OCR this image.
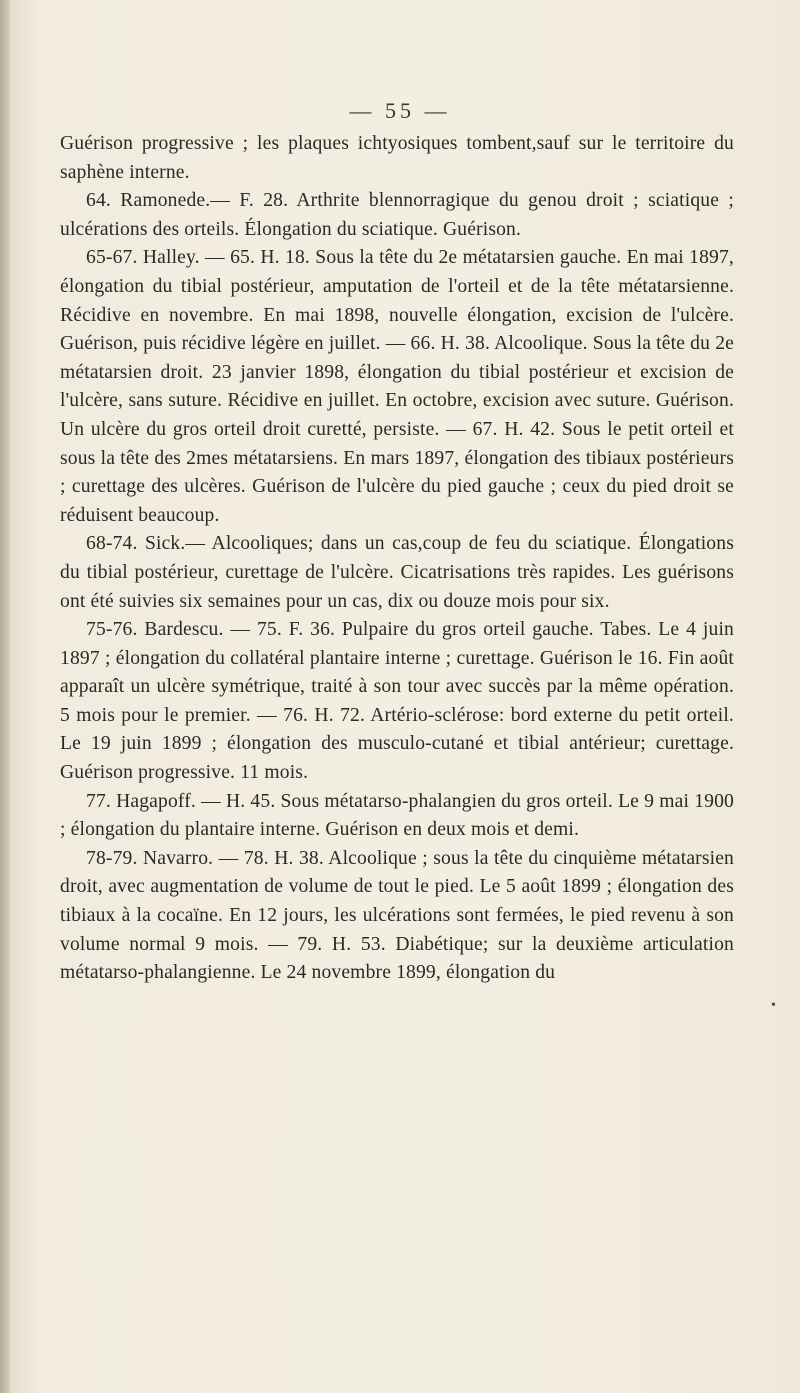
— 55 —

Guérison progressive ; les plaques ichtyosiques tombent,sauf sur le territoire du saphène interne.

64. Ramonede.— F. 28. Arthrite blennorragique du genou droit ; sciatique ; ulcérations des orteils. Élongation du sciatique. Guérison.

65-67. Halley. — 65. H. 18. Sous la tête du 2e métatarsien gauche. En mai 1897, élongation du tibial postérieur, amputation de l'orteil et de la tête métatarsienne. Récidive en novembre. En mai 1898, nouvelle élongation, excision de l'ulcère. Guérison, puis récidive légère en juillet. — 66. H. 38. Alcoolique. Sous la tête du 2e métatarsien droit. 23 janvier 1898, élongation du tibial postérieur et excision de l'ulcère, sans suture. Récidive en juillet. En octobre, excision avec suture. Guérison. Un ulcère du gros orteil droit curetté, persiste. — 67. H. 42. Sous le petit orteil et sous la tête des 2mes métatarsiens. En mars 1897, élongation des tibiaux postérieurs ; curettage des ulcères. Guérison de l'ulcère du pied gauche ; ceux du pied droit se réduisent beaucoup.

68-74. Sick.— Alcooliques; dans un cas,coup de feu du sciatique. Élongations du tibial postérieur, curettage de l'ulcère. Cicatrisations très rapides. Les guérisons ont été suivies six semaines pour un cas, dix ou douze mois pour six.

75-76. Bardescu. — 75. F. 36. Pulpaire du gros orteil gauche. Tabes. Le 4 juin 1897 ; élongation du collatéral plantaire interne ; curettage. Guérison le 16. Fin août apparaît un ulcère symétrique, traité à son tour avec succès par la même opération. 5 mois pour le premier. — 76. H. 72. Artério-sclérose: bord externe du petit orteil. Le 19 juin 1899 ; élongation des musculo-cutané et tibial antérieur; curettage. Guérison progressive. 11 mois.

77. Hagapoff. — H. 45. Sous métatarso-phalangien du gros orteil. Le 9 mai 1900 ; élongation du plantaire interne. Guérison en deux mois et demi.

78-79. Navarro. — 78. H. 38. Alcoolique ; sous la tête du cinquième métatarsien droit, avec augmentation de volume de tout le pied. Le 5 août 1899 ; élongation des tibiaux à la cocaïne. En 12 jours, les ulcérations sont fermées, le pied revenu à son volume normal 9 mois. — 79. H. 53. Diabétique; sur la deuxième articulation métatarso-phalangienne. Le 24 novembre 1899, élongation du

•
